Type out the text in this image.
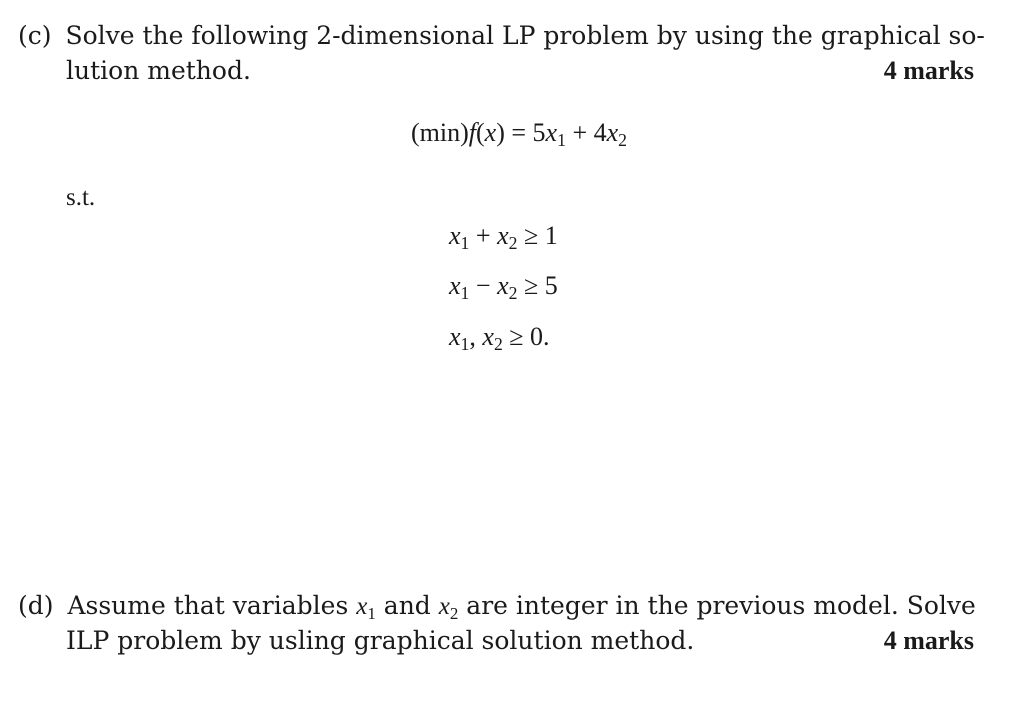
(c) Solve the following 2-dimensional LP problem by using the graphical so-
lution method.	4 marks
$(\min)f(x) = 5x_1 + 4x_2$
s.t.
$x_1 + x_2 \ge 1$
$x_1 - x_2 \ge 5$
$x_1$, $x_2 \ge 0$.
(d) Assume that variables $x_1$ and $x_2$ are integer in the previous model. Solve
ILP problem by usling graphical solution method.	4 marks
